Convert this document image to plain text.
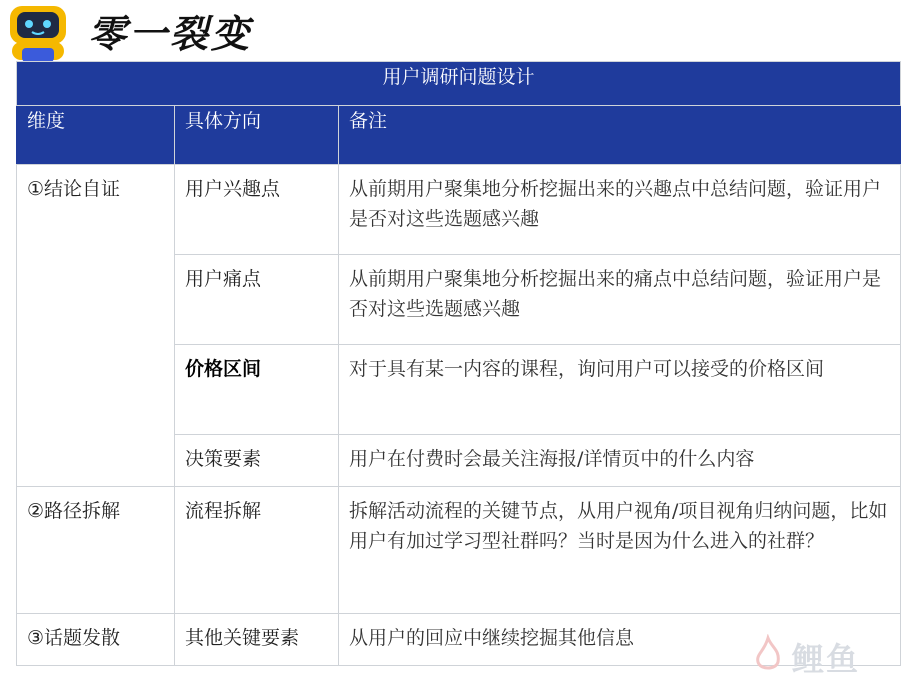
零一裂变
用户调研问题设计		
维度	具体方向	备注
①结论自证	用户兴趣点	从前期用户聚集地分析挖掘出来的兴趣点中总结问题，验证用户是否对这些选题感兴趣
	用户痛点	从前期用户聚集地分析挖掘出来的痛点中总结问题，验证用户是否对这些选题感兴趣
	价格区间	对于具有某一内容的课程，询问用户可以接受的价格区间
	决策要素	用户在付费时会最关注海报/详情页中的什么内容
②路径拆解	流程拆解	拆解活动流程的关键节点，从用户视角/项目视角归纳问题，比如用户有加过学习型社群吗？当时是因为什么进入的社群？
③话题发散	其他关键要素	从用户的回应中继续挖掘其他信息
鲤鱼
